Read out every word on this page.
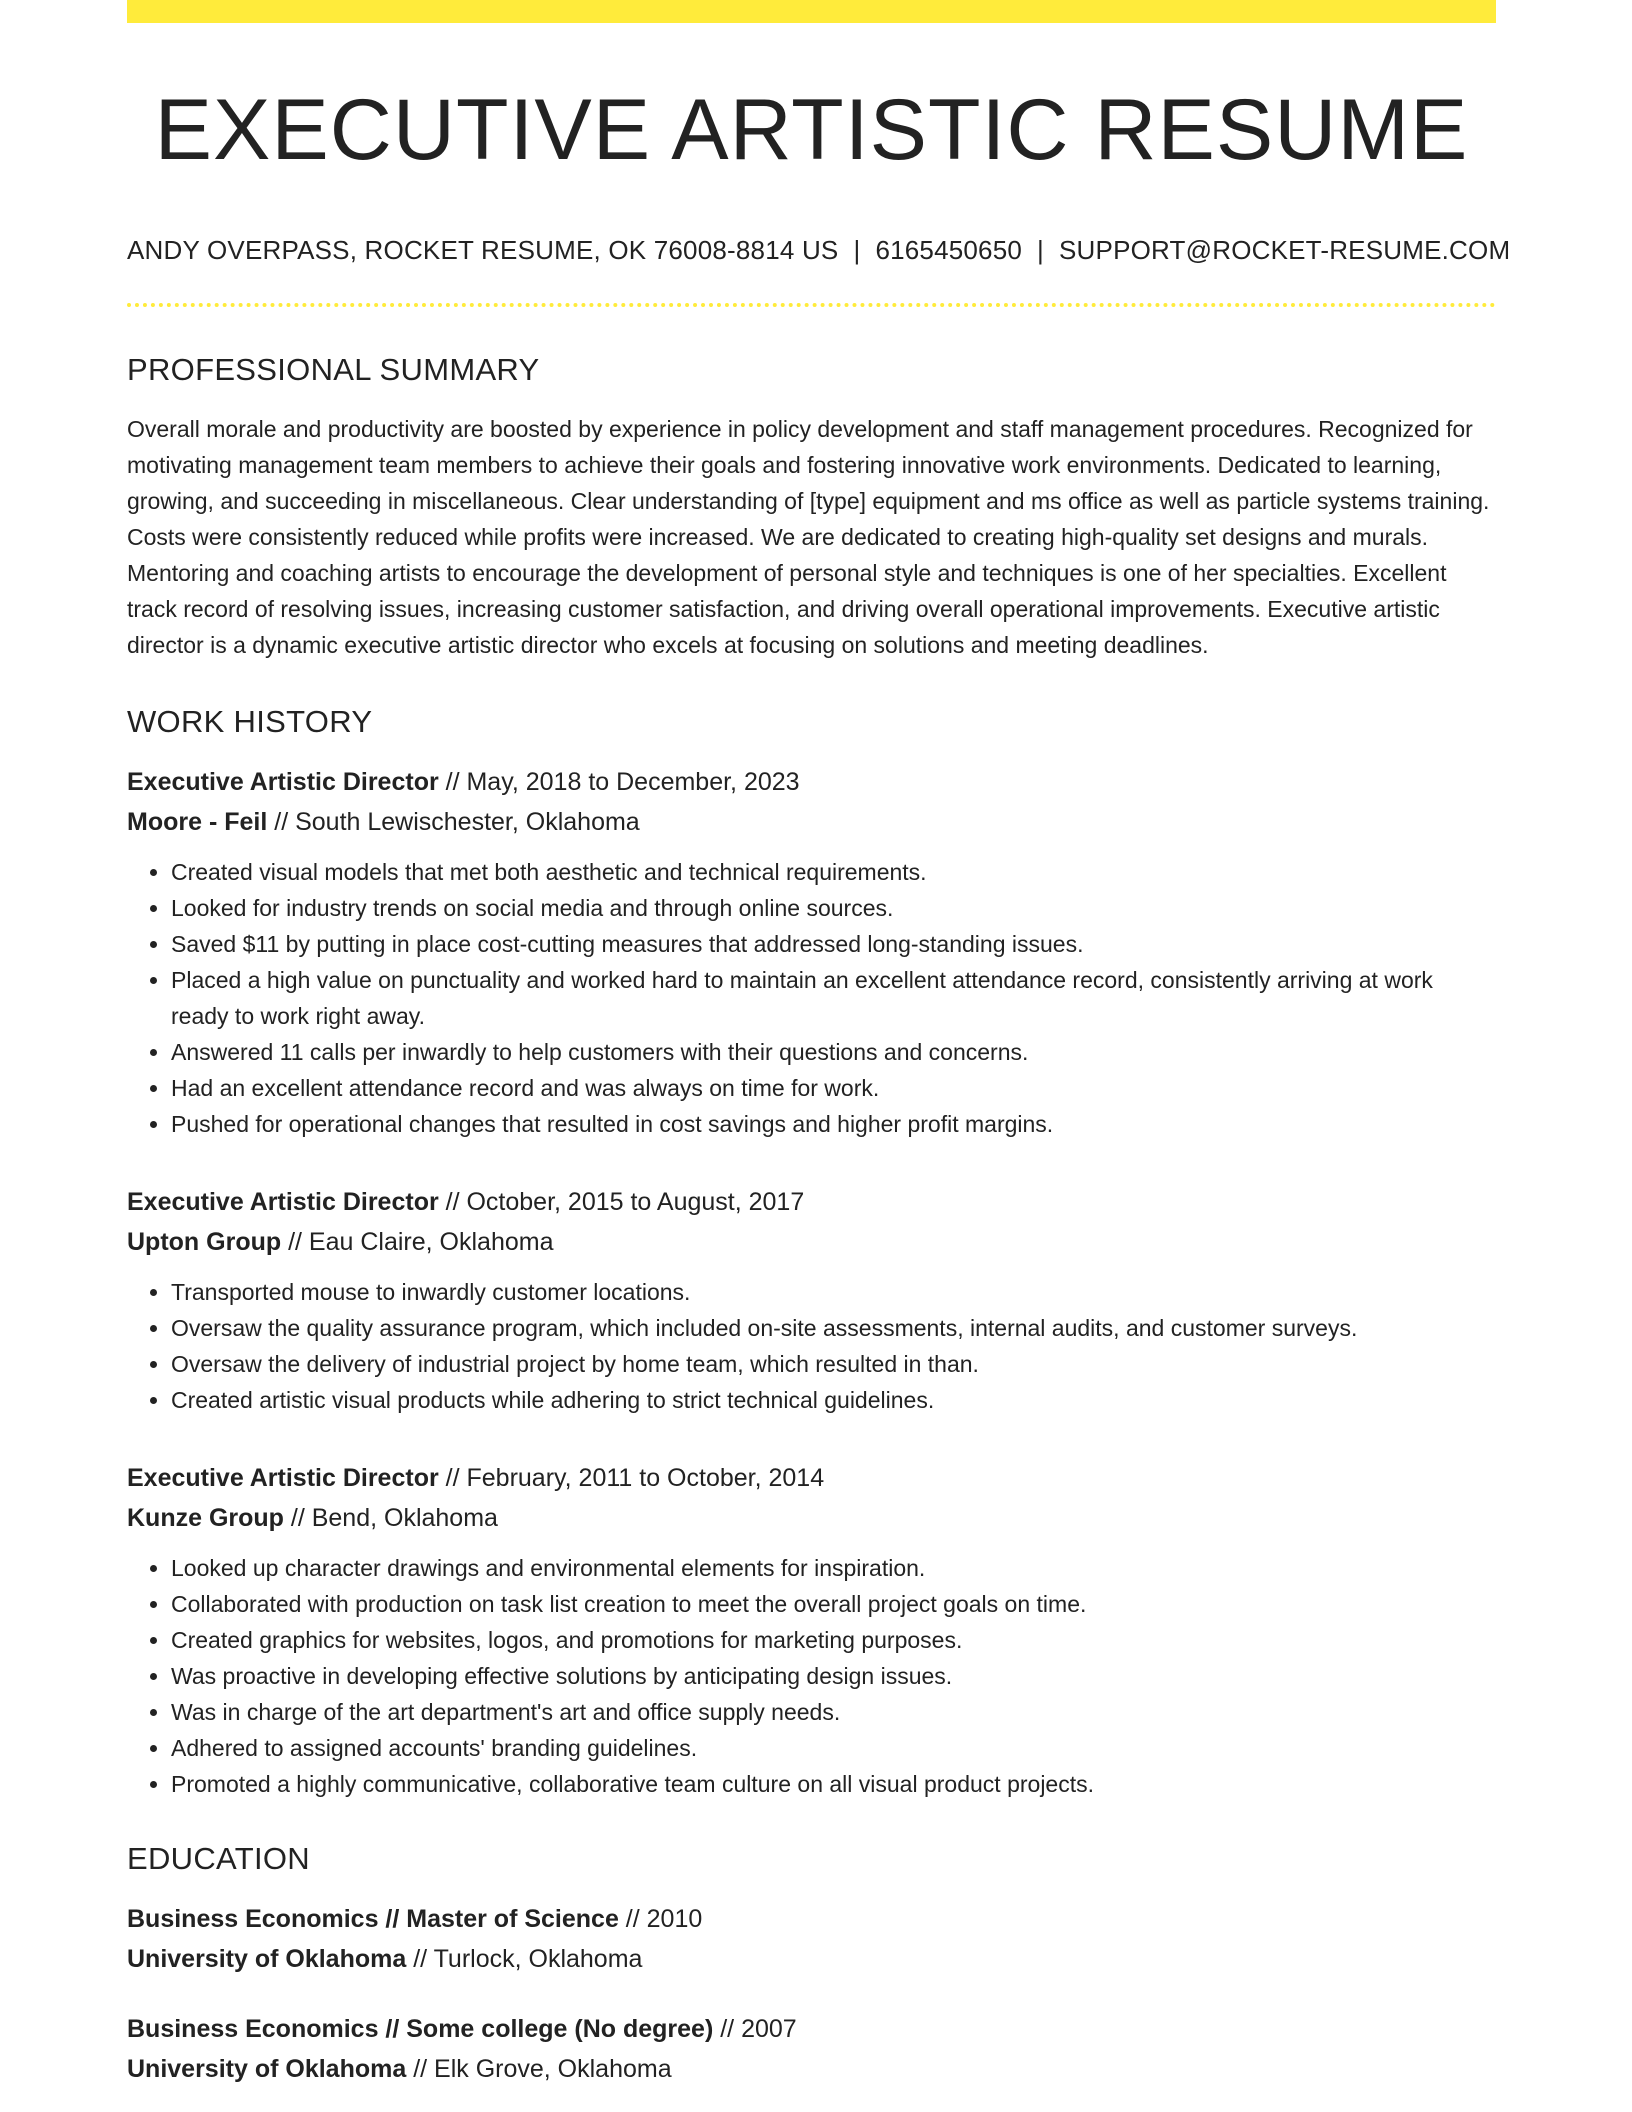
EXECUTIVE ARTISTIC RESUME
ANDY OVERPASS, ROCKET RESUME, OK 76008-8814 US | 6165450650 | SUPPORT@ROCKET-RESUME.COM
PROFESSIONAL SUMMARY

Overall morale and productivity are boosted by experience in policy development and staff management procedures. Recognized for motivating management team members to achieve their goals and fostering innovative work environments. Dedicated to learning, growing, and succeeding in miscellaneous. Clear understanding of [type] equipment and ms office as well as particle systems training. Costs were consistently reduced while profits were increased. We are dedicated to creating high-quality set designs and murals. Mentoring and coaching artists to encourage the development of personal style and techniques is one of her specialties. Excellent track record of resolving issues, increasing customer satisfaction, and driving overall operational improvements. Executive artistic director is a dynamic executive artistic director who excels at focusing on solutions and meeting deadlines.

WORK HISTORY
Executive Artistic Director // May, 2018 to December, 2023
Moore - Feil // South Lewischester, Oklahoma
• Created visual models that met both aesthetic and technical requirements.
• Looked for industry trends on social media and through online sources.
• Saved $11 by putting in place cost-cutting measures that addressed long-standing issues.
• Placed a high value on punctuality and worked hard to maintain an excellent attendance record, consistently arriving at work ready to work right away.
• Answered 11 calls per inwardly to help customers with their questions and concerns.
• Had an excellent attendance record and was always on time for work.
• Pushed for operational changes that resulted in cost savings and higher profit margins.
Executive Artistic Director // October, 2015 to August, 2017
Upton Group // Eau Claire, Oklahoma
• Transported mouse to inwardly customer locations.
• Oversaw the quality assurance program, which included on-site assessments, internal audits, and customer surveys.
• Oversaw the delivery of industrial project by home team, which resulted in than.
• Created artistic visual products while adhering to strict technical guidelines.
Executive Artistic Director // February, 2011 to October, 2014
Kunze Group // Bend, Oklahoma
• Looked up character drawings and environmental elements for inspiration.
• Collaborated with production on task list creation to meet the overall project goals on time.
• Created graphics for websites, logos, and promotions for marketing purposes.
• Was proactive in developing effective solutions by anticipating design issues.
• Was in charge of the art department's art and office supply needs.
• Adhered to assigned accounts' branding guidelines.
• Promoted a highly communicative, collaborative team culture on all visual product projects.
EDUCATION
Business Economics // Master of Science // 2010
University of Oklahoma // Turlock, Oklahoma
Business Economics // Some college (No degree) // 2007
University of Oklahoma // Elk Grove, Oklahoma
